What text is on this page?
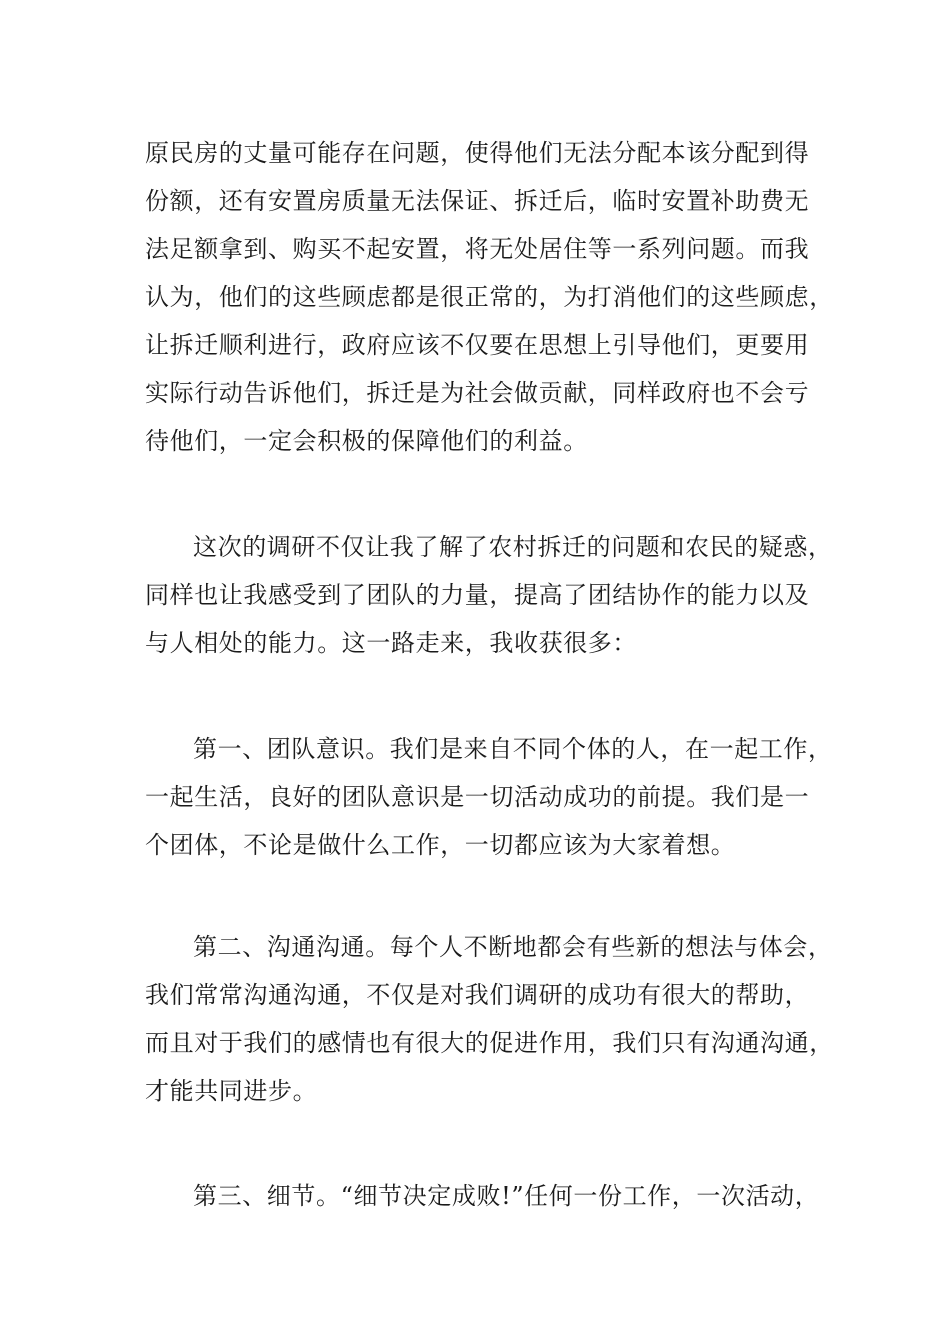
原民房的丈量可能存在问题，使得他们无法分配本该分配到得
份额，还有安置房质量无法保证、拆迁后，临时安置补助费无
法足额拿到、购买不起安置，将无处居住等一系列问题。而我
认为，他们的这些顾虑都是很正常的，为打消他们的这些顾虑，
让拆迁顺利进行，政府应该不仅要在思想上引导他们，更要用
实际行动告诉他们，拆迁是为社会做贡献，同样政府也不会亏
待他们，一定会积极的保障他们的利益。
这次的调研不仅让我了解了农村拆迁的问题和农民的疑惑，
同样也让我感受到了团队的力量，提高了团结协作的能力以及
与人相处的能力。这一路走来，我收获很多：
第一、团队意识。我们是来自不同个体的人，在一起工作，
一起生活，良好的团队意识是一切活动成功的前提。我们是一
个团体，不论是做什么工作，一切都应该为大家着想。
第二、沟通沟通。每个人不断地都会有些新的想法与体会，
我们常常沟通沟通，不仅是对我们调研的成功有很大的帮助，
而且对于我们的感情也有很大的促进作用，我们只有沟通沟通，
才能共同进步。
第三、细节。“细节决定成败!”任何一份工作，一次活动，
